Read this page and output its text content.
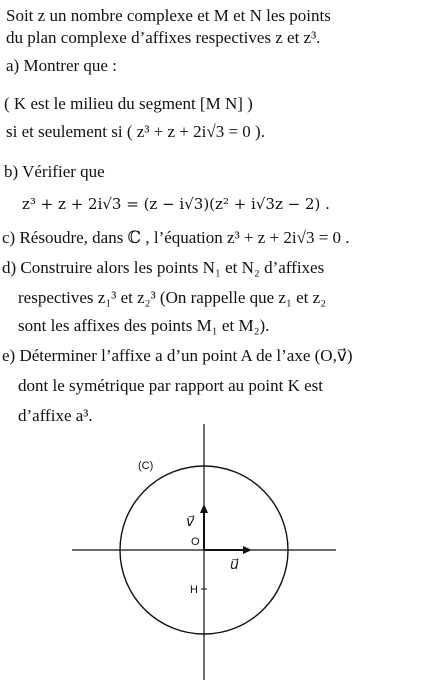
Soit z un nombre complexe et M et N les points
du plan complexe d’affixes respectives z et z³.
a) Montrer que :
( K est le milieu du segment [M N] )
si et seulement si ( z³ + z + 2i√3 = 0 ).
b) Vérifier que
z³ + z + 2i√3 = (z − i√3)(z² + i√3z − 2) .
c) Résoudre, dans ℂ , l’équation z³ + z + 2i√3 = 0 .
d) Construire alors les points N₁ et N₂ d’affixes
respectives z₁³ et z₂³ (On rappelle que z₁ et z₂
sont les affixes des points M₁ et M₂).
e) Déterminer l’affixe a d’un point A de l’axe (O,v⃗)
dont le symétrique par rapport au point K est
d’affixe a³.
(C)
v⃗
u⃗
O
H
